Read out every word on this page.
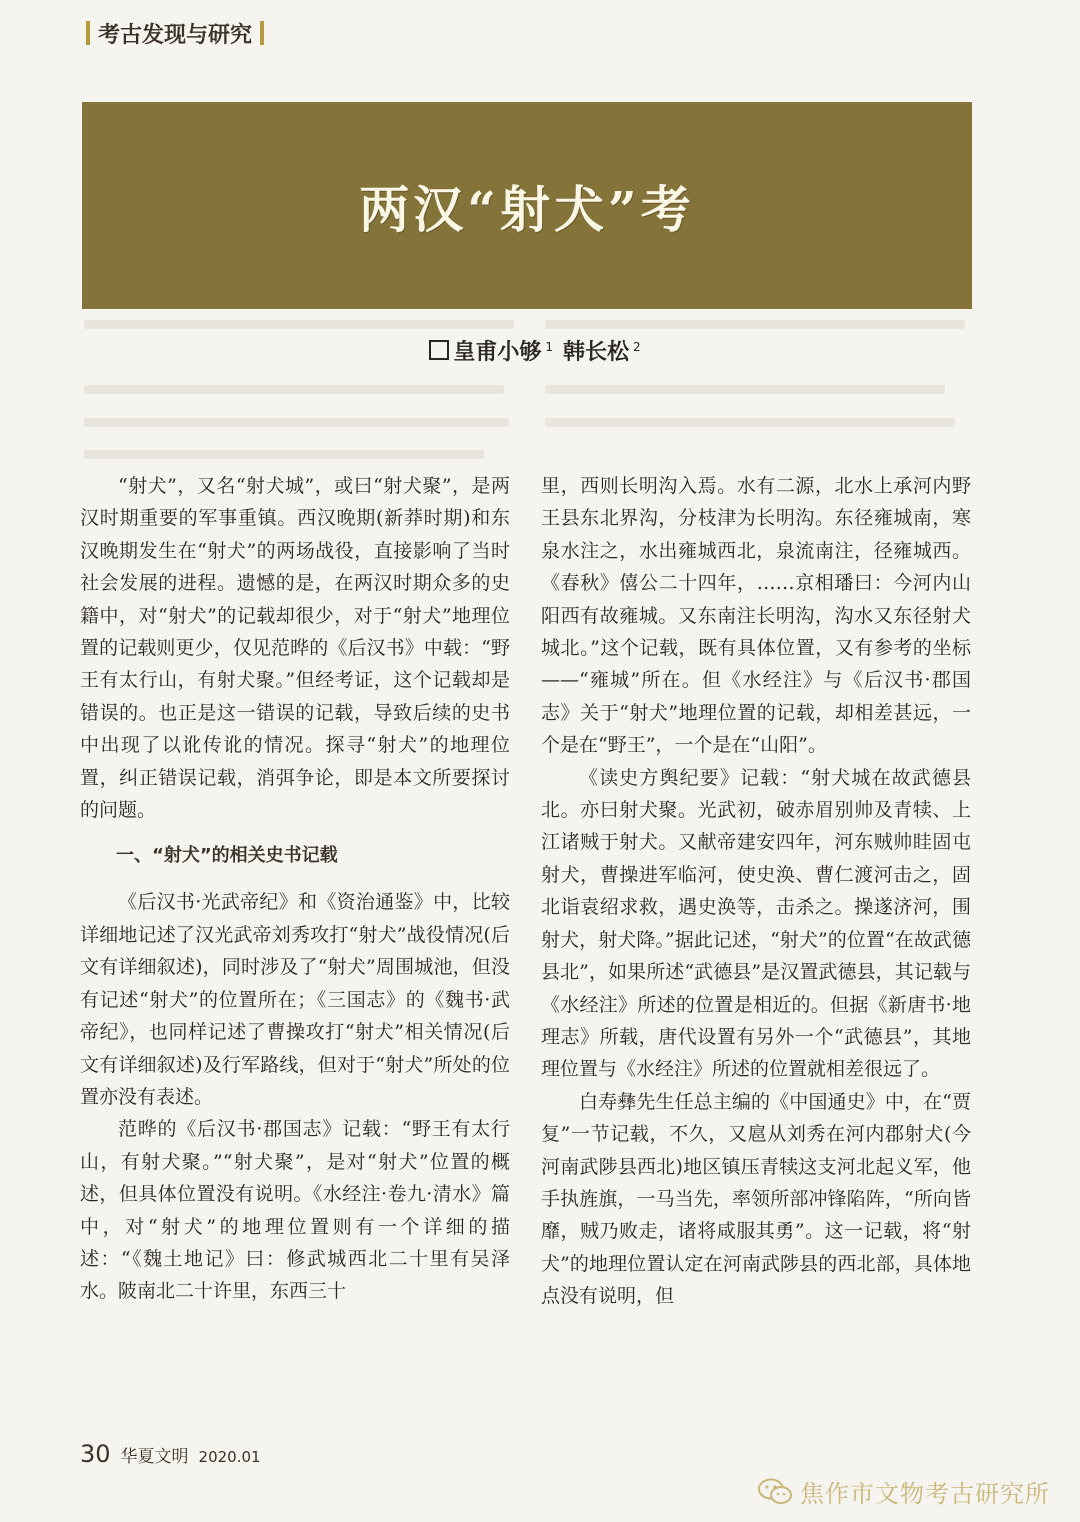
考古发现与研究
两汉“射犬”考
皇甫小够 $^1$ 韩长松 $^2$

“射犬”，又名“射犬城”，或曰“射犬聚”，是两汉时期重要的军事重镇。西汉晚期(新莽时期)和东汉晚期发生在“射犬”的两场战役，直接影响了当时社会发展的进程。遗憾的是，在两汉时期众多的史籍中，对“射犬”的记载却很少，对于“射犬”地理位置的记载则更少，仅见范晔的《后汉书》中载：“野王有太行山，有射犬聚。”但经考证，这个记载却是错误的。也正是这一错误的记载，导致后续的史书中出现了以讹传讹的情况。探寻“射犬”的地理位置，纠正错误记载，消弭争论，即是本文所要探讨的问题。

一、“射犬”的相关史书记载

《后汉书·光武帝纪》和《资治通鉴》中，比较详细地记述了汉光武帝刘秀攻打“射犬”战役情况(后文有详细叙述)，同时涉及了“射犬”周围城池，但没有记述“射犬”的位置所在；《三国志》的《魏书·武帝纪》，也同样记述了曹操攻打“射犬”相关情况(后文有详细叙述)及行军路线，但对于“射犬”所处的位置亦没有表述。

范晔的《后汉书·郡国志》记载：“野王有太行山，有射犬聚。”“射犬聚”，是对“射犬”位置的概述，但具体位置没有说明。《水经注·卷九·清水》篇中，对“射犬”的地理位置则有一个详细的描述：“《魏土地记》曰：修武城西北二十里有吴泽水。陂南北二十许里，东西三十

里，西则长明沟入焉。水有二源，北水上承河内野王县东北界沟，分枝津为长明沟。东径雍城南，寒泉水注之，水出雍城西北，泉流南注，径雍城西。《春秋》僖公二十四年，……京相璠曰：今河内山阳西有故雍城。又东南注长明沟，沟水又东径射犬城北。”这个记载，既有具体位置，又有参考的坐标——“雍城”所在。但《水经注》与《后汉书·郡国志》关于“射犬”地理位置的记载，却相差甚远，一个是在“野王”，一个是在“山阳”。

《读史方舆纪要》记载：“射犬城在故武德县北。亦曰射犬聚。光武初，破赤眉别帅及青犊、上江诸贼于射犬。又献帝建安四年，河东贼帅眭固屯射犬，曹操进军临河，使史涣、曹仁渡河击之，固北诣袁绍求救，遇史涣等，击杀之。操遂济河，围射犬，射犬降。”据此记述，“射犬”的位置“在故武德县北”，如果所述“武德县”是汉置武德县，其记载与《水经注》所述的位置是相近的。但据《新唐书·地理志》所载，唐代设置有另外一个“武德县”，其地理位置与《水经注》所述的位置就相差很远了。

白寿彝先生任总主编的《中国通史》中，在“贾复”一节记载，不久，又扈从刘秀在河内郡射犬(今河南武陟县西北)地区镇压青犊这支河北起义军，他手执旌旗，一马当先，率领所部冲锋陷阵，“所向皆靡，贼乃败走，诸将咸服其勇”。这一记载，将“射犬”的地理位置认定在河南武陟县的西北部，具体地点没有说明，但

30 华夏文明 2020.01
焦作市文物考古研究所
